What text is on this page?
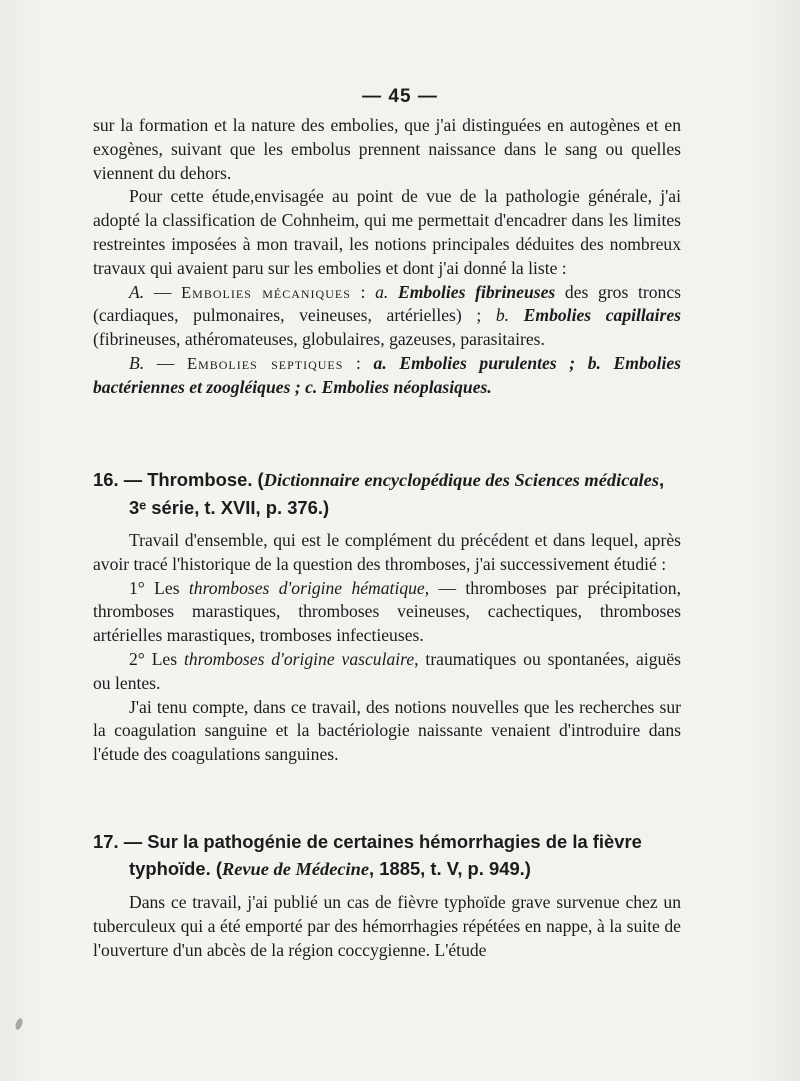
— 45 —

sur la formation et la nature des embolies, que j'ai distinguées en autogènes et en exogènes, suivant que les embolus prennent naissance dans le sang ou quelles viennent du dehors.

Pour cette étude,envisagée au point de vue de la pathologie générale, j'ai adopté la classification de Cohnheim, qui me permettait d'encadrer dans les limites restreintes imposées à mon travail, les notions principales déduites des nombreux travaux qui avaient paru sur les embolies et dont j'ai donné la liste :

A. — Embolies mécaniques : a. Embolies fibrineuses des gros troncs (cardiaques, pulmonaires, veineuses, artérielles) ; b. Embolies capillaires (fibrineuses, athéromateuses, globulaires, gazeuses, parasitaires.

B. — Embolies septiques : a. Embolies purulentes ; b. Embolies bactériennes et zoogléiques ; c. Embolies néoplasiques.

16. — Thrombose. (Dictionnaire encyclopédique des Sciences médicales, 3ᵉ série, t. XVII, p. 376.)

Travail d'ensemble, qui est le complément du précédent et dans lequel, après avoir tracé l'historique de la question des thromboses, j'ai successivement étudié :

1° Les thromboses d'origine hématique, — thromboses par précipitation, thromboses marastiques, thromboses veineuses, cachectiques, thromboses artérielles marastiques, tromboses infectieuses.

2° Les thromboses d'origine vasculaire, traumatiques ou spontanées, aiguës ou lentes.

J'ai tenu compte, dans ce travail, des notions nouvelles que les recherches sur la coagulation sanguine et la bactériologie naissante venaient d'introduire dans l'étude des coagulations sanguines.

17. — Sur la pathogénie de certaines hémorrhagies de la fièvre typhoïde. (Revue de Médecine, 1885, t. V, p. 949.)

Dans ce travail, j'ai publié un cas de fièvre typhoïde grave survenue chez un tuberculeux qui a été emporté par des hémorrhagies répétées en nappe, à la suite de l'ouverture d'un abcès de la région coccygienne. L'étude
